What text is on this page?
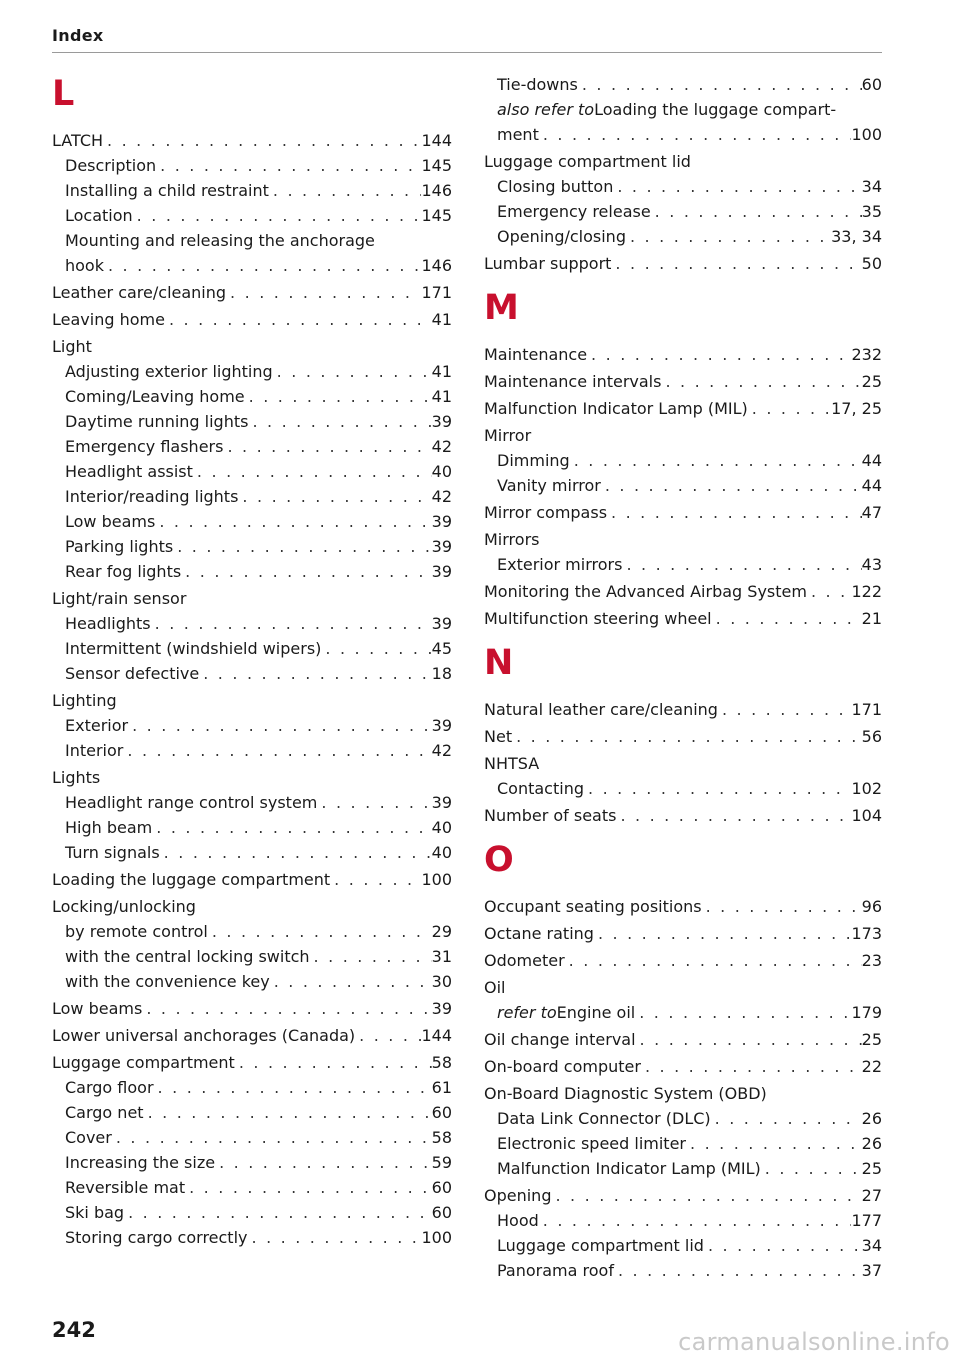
Index
L
LATCH . . .	144
Description . . .	145
Installing a child restraint . . .	146
Location . . .	145
Mounting and releasing the anchorage
hook . . .	146
Leather care/cleaning . . .	171
Leaving home . . .	41
Light
Adjusting exterior lighting . . .	41
Coming/Leaving home . . .	41
Daytime running lights . . .	39
Emergency flashers . . .	42
Headlight assist . . .	40
Interior/reading lights . . .	42
Low beams . . .	39
Parking lights . . .	39
Rear fog lights . . .	39
Light/rain sensor
Headlights . . .	39
Intermittent (windshield wipers) . . .	45
Sensor defective . . .	18
Lighting
Exterior . . .	39
Interior . . .	42
Lights
Headlight range control system . . .	39
High beam . . .	40
Turn signals . . .	40
Loading the luggage compartment . . .	100
Locking/unlocking
by remote control . . .	29
with the central locking switch . . .	31
with the convenience key . . .	30
Low beams . . .	39
Lower universal anchorages (Canada) . . .	144
Luggage compartment . . .	58
Cargo floor . . .	61
Cargo net . . .	60
Cover . . .	58
Increasing the size . . .	59
Reversible mat . . .	60
Ski bag . . .	60
Storing cargo correctly . . .	100
Tie-downs . . .	60
also refer to Loading the luggage compart-
ment . . .	100
Luggage compartment lid
Closing button . . .	34
Emergency release . . .	35
Opening/closing . . .	33, 34
Lumbar support . . .	50
M
Maintenance . . .	232
Maintenance intervals . . .	25
Malfunction Indicator Lamp (MIL) . . .	17, 25
Mirror
Dimming . . .	44
Vanity mirror . . .	44
Mirror compass . . .	47
Mirrors
Exterior mirrors . . .	43
Monitoring the Advanced Airbag System . . .	122
Multifunction steering wheel . . .	21
N
Natural leather care/cleaning . . .	171
Net . . .	56
NHTSA
Contacting . . .	102
Number of seats . . .	104
O
Occupant seating positions . . .	96
Octane rating . . .	173
Odometer . . .	23
Oil
refer to Engine oil . . .	179
Oil change interval . . .	25
On-board computer . . .	22
On-Board Diagnostic System (OBD)
Data Link Connector (DLC) . . .	26
Electronic speed limiter . . .	26
Malfunction Indicator Lamp (MIL) . . .	25
Opening . . .	27
Hood . . .	177
Luggage compartment lid . . .	34
Panorama roof . . .	37
242	carmanualsonline.info
